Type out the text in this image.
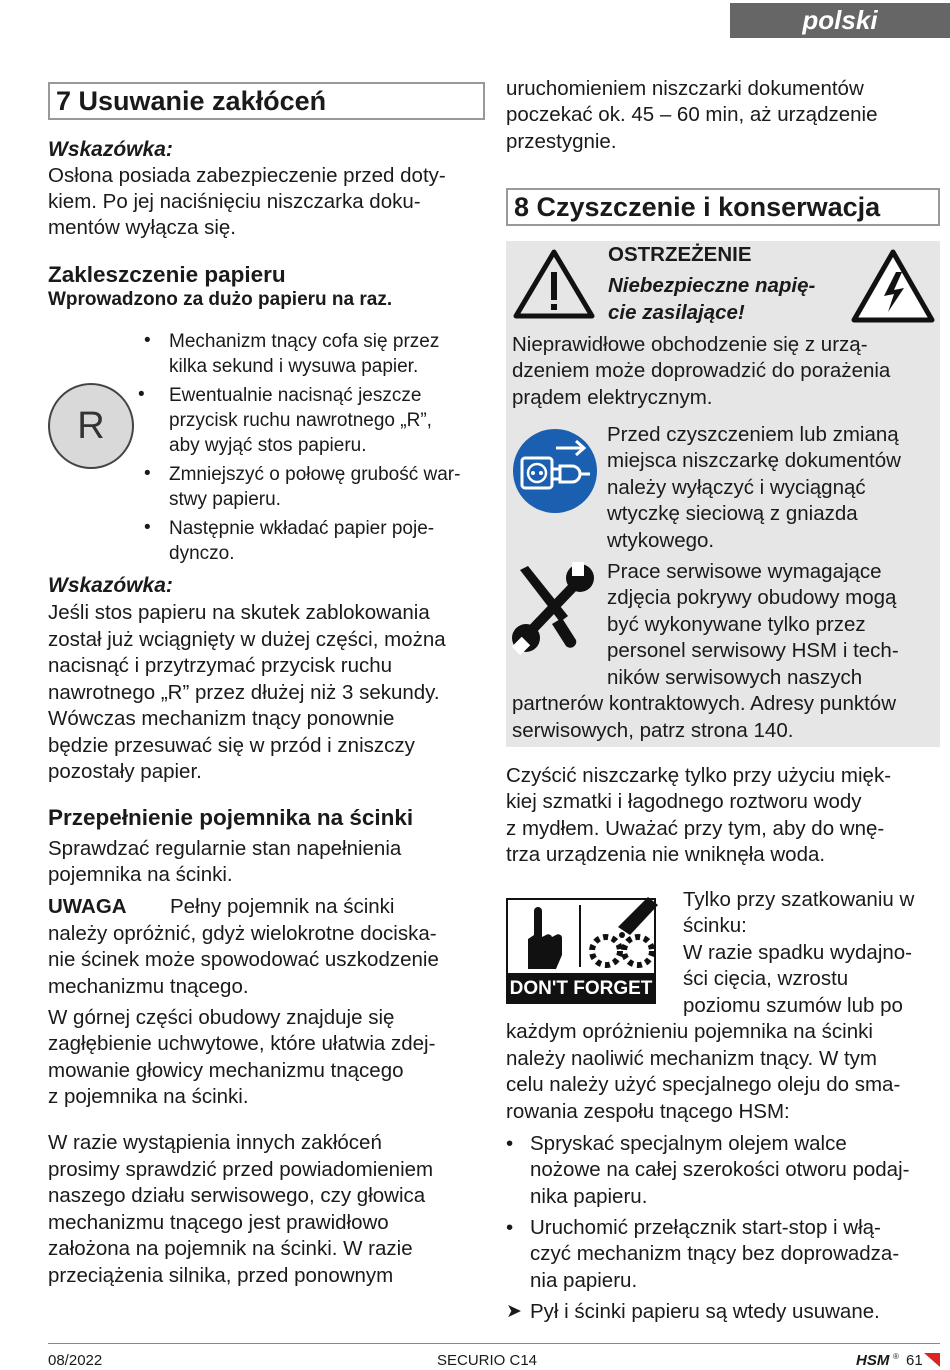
polski
7 Usuwanie zakłóceń
Wskazówka:
Osłona posiada zabezpieczenie przed doty-
kiem. Po jej naciśnięciu niszczarka doku-
mentów wyłącza się.
Zakleszczenie papieru
Wprowadzono za dużo papieru na raz.
R
• Mechanizm tnący cofa się przez
kilka sekund i wysuwa papier.
• Ewentualnie nacisnąć jeszcze
przycisk ruchu nawrotnego „R”,
aby wyjąć stos papieru.
• Zmniejszyć o połowę grubość war-
stwy papieru.
• Następnie wkładać papier poje-
dynczo.
Wskazówka:
Jeśli stos papieru na skutek zablokowania
został już wciągnięty w dużej części, można
nacisnąć i przytrzymać przycisk ruchu
nawrotnego „R” przez dłużej niż 3 sekundy.
Wówczas mechanizm tnący ponownie
będzie przesuwać się w przód i zniszczy
pozostały papier.
Przepełnienie pojemnika na ścinki
Sprawdzać regularnie stan napełnienia
pojemnika na ścinki.
UWAGA Pełny pojemnik na ścinki
należy opróżnić, gdyż wielokrotne dociska-
nie ścinek może spowodować uszkodzenie
mechanizmu tnącego.
W górnej części obudowy znajduje się
zagłębienie uchwytowe, które ułatwia zdej-
mowanie głowicy mechanizmu tnącego
z pojemnika na ścinki.
W razie wystąpienia innych zakłóceń
prosimy sprawdzić przed powiadomieniem
naszego działu serwisowego, czy głowica
mechanizmu tnącego jest prawidłowo
założona na pojemnik na ścinki. W razie
przeciążenia silnika, przed ponownym
uruchomieniem niszczarki dokumentów
poczekać ok. 45 – 60 min, aż urządzenie
przestygnie.
8 Czyszczenie i konserwacja
OSTRZEŻENIE
Niebezpieczne napię-
cie zasilające!
Nieprawidłowe obchodzenie się z urzą-
dzeniem może doprowadzić do porażenia
prądem elektrycznym.
Przed czyszczeniem lub zmianą
miejsca niszczarkę dokumentów
należy wyłączyć i wyciągnąć
wtyczkę sieciową z gniazda
wtykowego.
Prace serwisowe wymagające
zdjęcia pokrywy obudowy mogą
być wykonywane tylko przez
personel serwisowy HSM i tech-
ników serwisowych naszych
partnerów kontraktowych. Adresy punktów
serwisowych, patrz strona 140.
Czyścić niszczarkę tylko przy użyciu mięk-
kiej szmatki i łagodnego roztworu wody
z mydłem. Uważać przy tym, aby do wnę-
trza urządzenia nie wniknęła woda.
DON'T FORGET
Tylko przy szatkowaniu w
ścinku:
W razie spadku wydajno-
ści cięcia, wzrostu
poziomu szumów lub po
każdym opróżnieniu pojemnika na ścinki
należy naoliwić mechanizm tnący. W tym
celu należy użyć specjalnego oleju do sma-
rowania zespołu tnącego HSM:
• Spryskać specjalnym olejem walce
nożowe na całej szerokości otworu podaj-
nika papieru.
• Uruchomić przełącznik start-stop i włą-
czyć mechanizm tnący bez doprowadza-
nia papieru.
➤ Pył i ścinki papieru są wtedy usuwane.
08/2022	SECURIO C14	HSM ® 61
